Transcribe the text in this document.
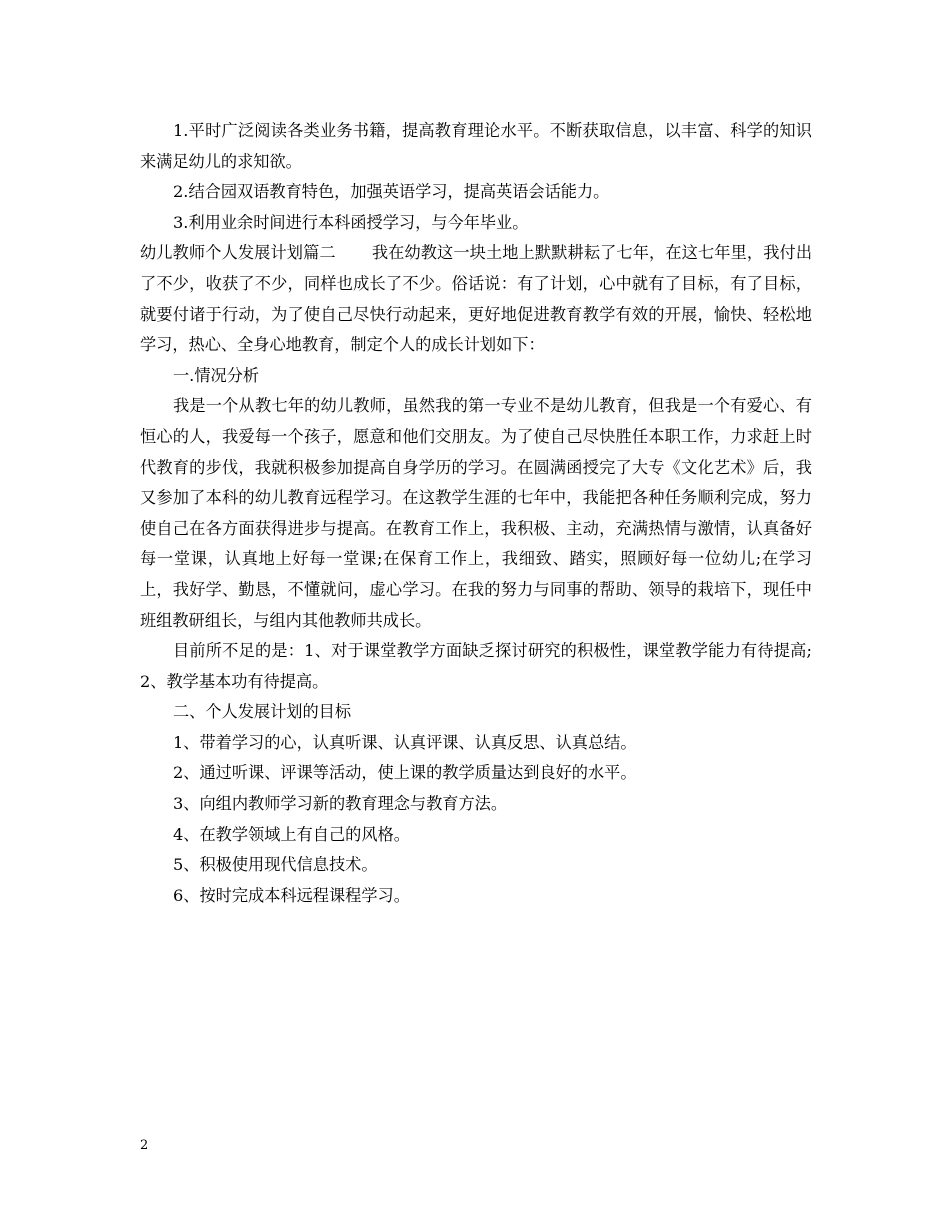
1.平时广泛阅读各类业务书籍，提高教育理论水平。不断获取信息，以丰富、科学的知识来满足幼儿的求知欲。

2.结合园双语教育特色，加强英语学习，提高英语会话能力。

3.利用业余时间进行本科函授学习，与今年毕业。

幼儿教师个人发展计划篇二 我在幼教这一块土地上默默耕耘了七年，在这七年里，我付出了不少，收获了不少，同样也成长了不少。俗话说：有了计划，心中就有了目标，有了目标，就要付诸于行动，为了使自己尽快行动起来，更好地促进教育教学有效的开展，愉快、轻松地学习，热心、全身心地教育，制定个人的成长计划如下：

一.情况分析

我是一个从教七年的幼儿教师，虽然我的第一专业不是幼儿教育，但我是一个有爱心、有恒心的人，我爱每一个孩子，愿意和他们交朋友。为了使自己尽快胜任本职工作，力求赶上时代教育的步伐，我就积极参加提高自身学历的学习。在圆满函授完了大专《文化艺术》后，我又参加了本科的幼儿教育远程学习。在这教学生涯的七年中，我能把各种任务顺利完成，努力使自己在各方面获得进步与提高。在教育工作上，我积极、主动，充满热情与激情，认真备好每一堂课，认真地上好每一堂课;在保育工作上，我细致、踏实，照顾好每一位幼儿;在学习上，我好学、勤恳，不懂就问，虚心学习。在我的努力与同事的帮助、领导的栽培下，现任中班组教研组长，与组内其他教师共成长。

目前所不足的是：1、对于课堂教学方面缺乏探讨研究的积极性，课堂教学能力有待提高;2、教学基本功有待提高。

二、个人发展计划的目标

1、带着学习的心，认真听课、认真评课、认真反思、认真总结。

2、通过听课、评课等活动，使上课的教学质量达到良好的水平。

3、向组内教师学习新的教育理念与教育方法。

4、在教学领域上有自己的风格。

5、积极使用现代信息技术。

6、按时完成本科远程课程学习。

2
